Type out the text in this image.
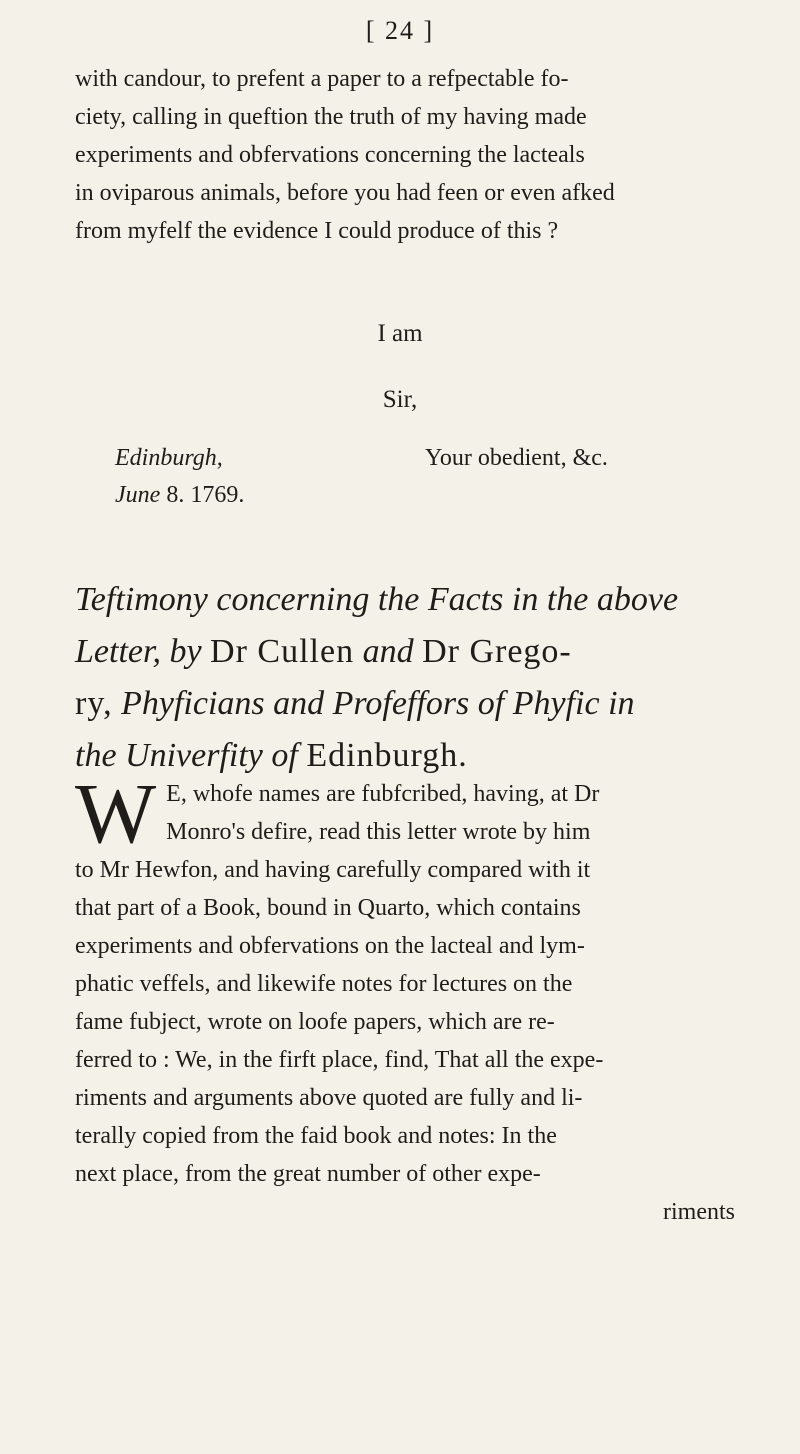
[ 24 ]
with candour, to prefent a paper to a refpectable fo-
ciety, calling in queftion the truth of my having made
experiments and obfervations concerning the lacteals
in oviparous animals, before you had feen or even afked
from myfelf the evidence I could produce of this ?
I am
Sir,
Edinburgh,
June 8. 1769.
Your obedient, &c.
Teftimony concerning the Facts in the above
Letter, by Dr Cullen and Dr Grego-
ry, Phyficians and Profeffors of Phyfic in
the Univerfity of Edinburgh.
W E, whofe names are fubfcribed, having, at Dr
Monro's defire, read this letter wrote by him
to Mr Hewfon, and having carefully compared with it
that part of a Book, bound in Quarto, which contains
experiments and obfervations on the lacteal and lym-
phatic veffels, and likewife notes for lectures on the
fame fubject, wrote on loofe papers, which are re-
ferred to : We, in the firft place, find, That all the expe-
riments and arguments above quoted are fully and li-
terally copied from the faid book and notes: In the
next place, from the great number of other expe-
riments
